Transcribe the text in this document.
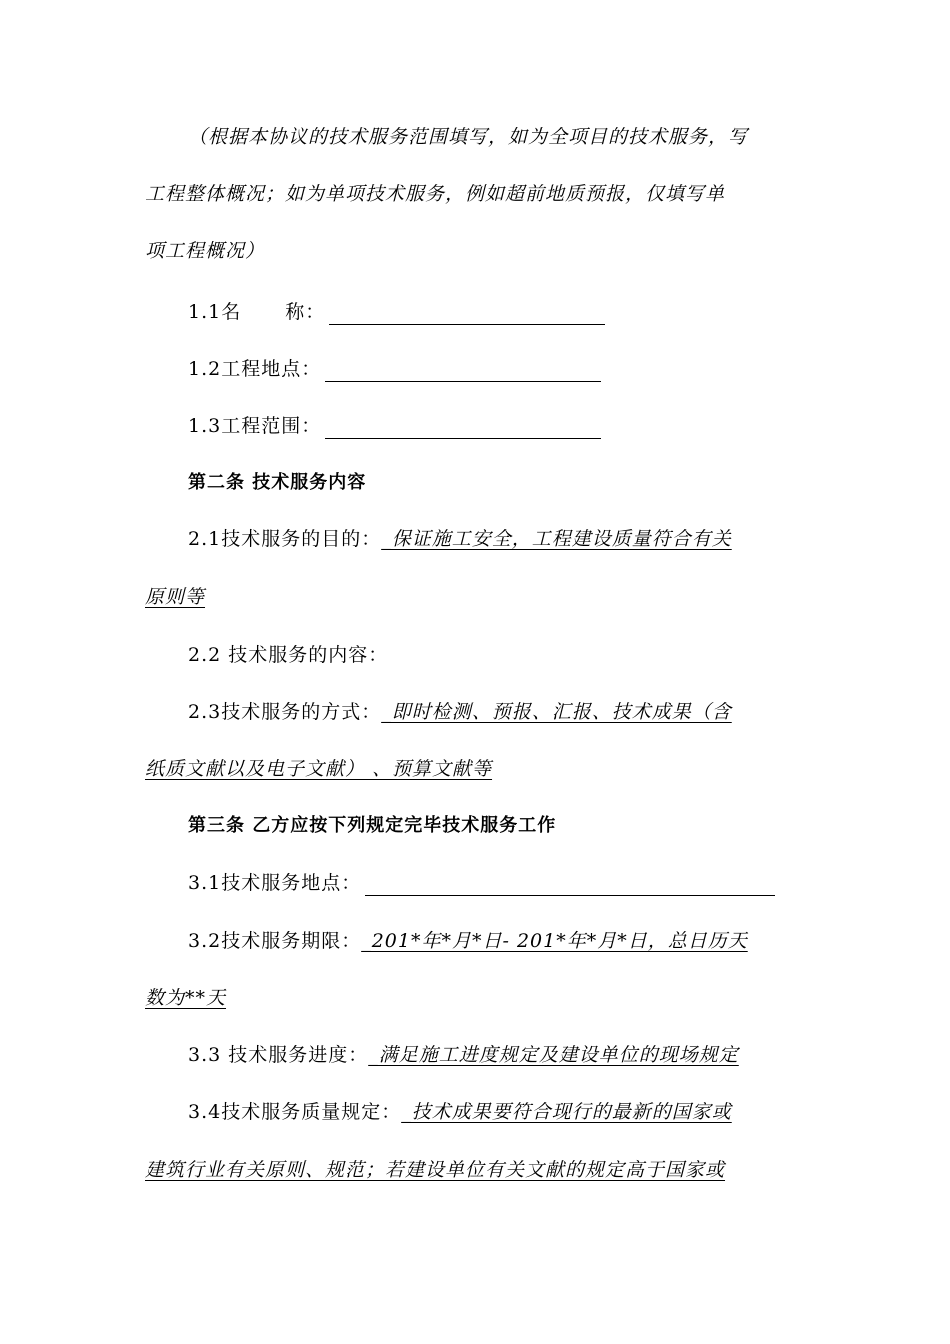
（根据本协议的技术服务范围填写，如为全项目的技术服务，写
工程整体概况；如为单项技术服务，例如超前地质预报，仅填写单
项工程概况）
1.1名 称：
1.2工程地点：
1.3工程范围：
第二条 技术服务内容
2.1技术服务的目的：_保证施工安全，工程建设质量符合有关
原则等
2.2 技术服务的内容：
2.3技术服务的方式：_即时检测、预报、汇报、技术成果（含
纸质文献以及电子文献） 、预算文献等
第三条 乙方应按下列规定完毕技术服务工作
3.1技术服务地点：
3.2技术服务期限：_201*年*月*日- 201*年*月*日，总日历天
数为**天
3.3 技术服务进度：_满足施工进度规定及建设单位的现场规定
3.4技术服务质量规定：_技术成果要符合现行的最新的国家或
建筑行业有关原则、规范；若建设单位有关文献的规定高于国家或
